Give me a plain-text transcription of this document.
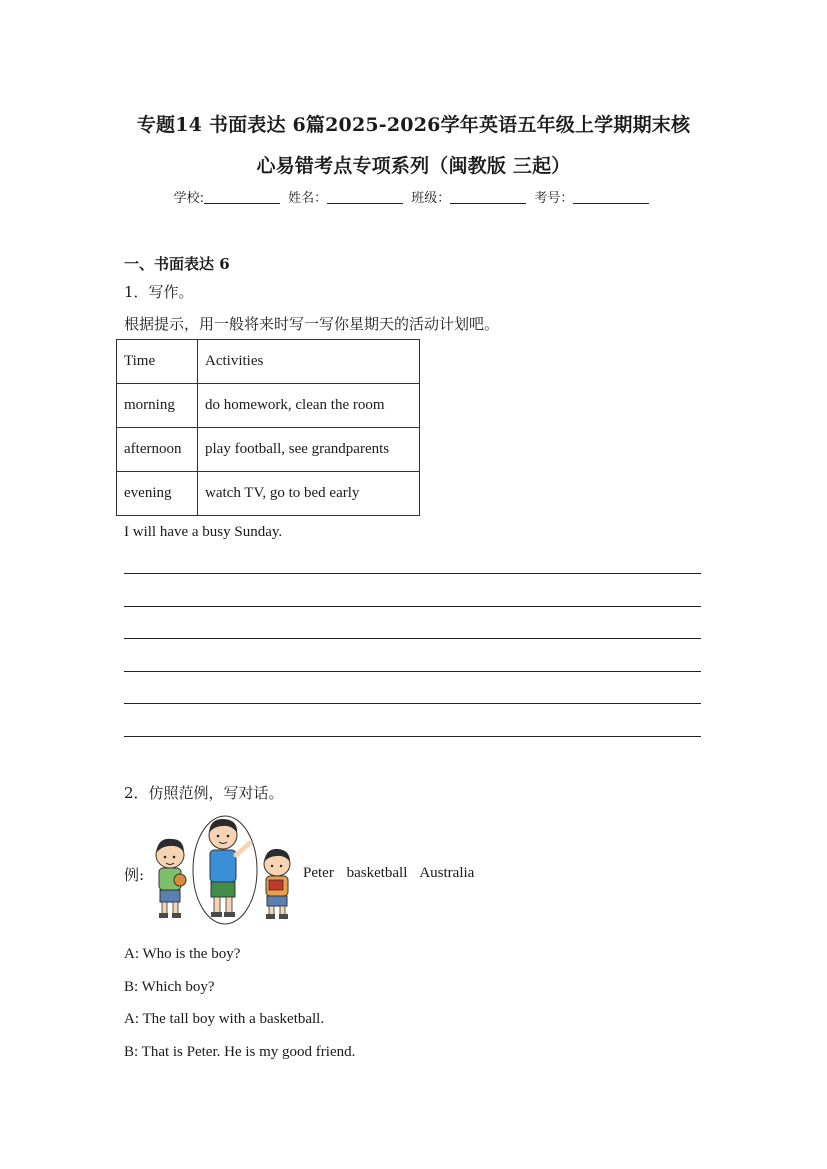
专题14 书面表达 6篇2025-2026学年英语五年级上学期期末核
心易错考点专项系列（闽教版 三起）
学校:	姓名：	班级：	考号：
一、书面表达 6
1．写作。
根据提示，用一般将来时写一写你星期天的活动计划吧。
Time	Activities
morning	do homework, clean the room
afternoon	play football, see grandparents
evening	watch TV, go to bed early
I will have a busy Sunday.
2．仿照范例，写对话。
例:	Peter basketball Australia
A: Who is the boy?
B: Which boy?
A: The tall boy with a basketball.
B: That is Peter. He is my good friend.
